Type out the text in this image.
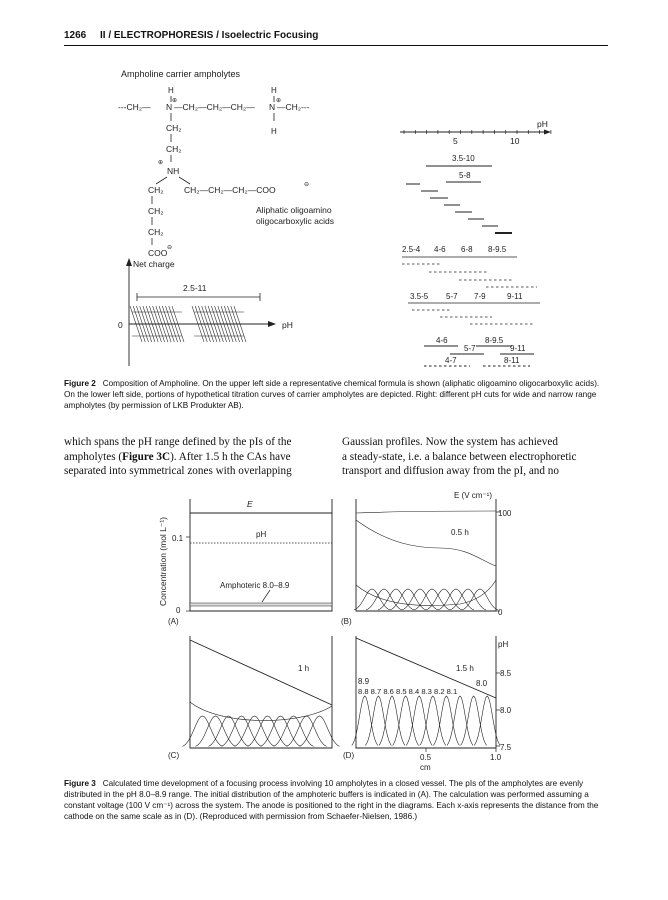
1266 II / ELECTROPHORESIS / Isoelectric Focusing
Ampholine carrier ampholytes
H	H
---CH₂— N
⊕
—CH₂—CH₂—CH₂— N
⊕
—CH₂---
CH₂	H
CH₂
⊕
NH
CH₂ CH₂—CH₂—CH₂—COO	⊖
CH₂
CH₂
COO ⊖
Aliphatic oligoamino
oligocarboxylic acids
Net charge
2.5-11
0	pH
pH
5	10
3.5-10
5-8
2.5-4 4-6 6-8 8-9.5
3.5-5 5-7 7-9	9-11
4-6
5-7
8-9.5
9-11
4-7	8-11
Figure 2 Composition of Ampholine. On the upper left side a representative chemical formula is shown (aliphatic oligoamino oligocarboxylic acids). On the lower left side, portions of hypothetical titration curves of carrier ampholytes are depicted. Right: different pH cuts for wide and narrow range ampholytes (by permission of LKB Produkter AB).
which spans the pH range defined by the pIs of the
ampholytes (Figure 3C). After 1.5 h the CAs have
separated into symmetrical zones with overlapping
Gaussian profiles. Now the system has achieved
a steady-state, i.e. a balance between electrophoretic
transport and diffusion away from the pI, and no
Concentration (mol L⁻¹) 0.1
0	0
E (V cm⁻¹)
100
E
pH
Amphoteric 8.0–8.9
(A)
0.5 h
(B)
1 h
(C)
1.5 h
pH
8.5
8.0
7.5
8.9	8.0
8.8 8.7 8.6 8.5 8.4 8.3 8.2 8.1
(D)	0.5	1.0
cm
Figure 3 Calculated time development of a focusing process involving 10 ampholytes in a closed vessel. The pIs of the ampholytes are evenly distributed in the pH 8.0–8.9 range. The initial distribution of the amphoteric buffers is indicated in (A). The calculation was performed assuming a constant voltage (100 V cm⁻¹) across the system. The anode is positioned to the right in the diagrams. Each x-axis represents the distance from the cathode on the same scale as in (D). (Reproduced with permission from Schaefer-Nielsen, 1986.)
